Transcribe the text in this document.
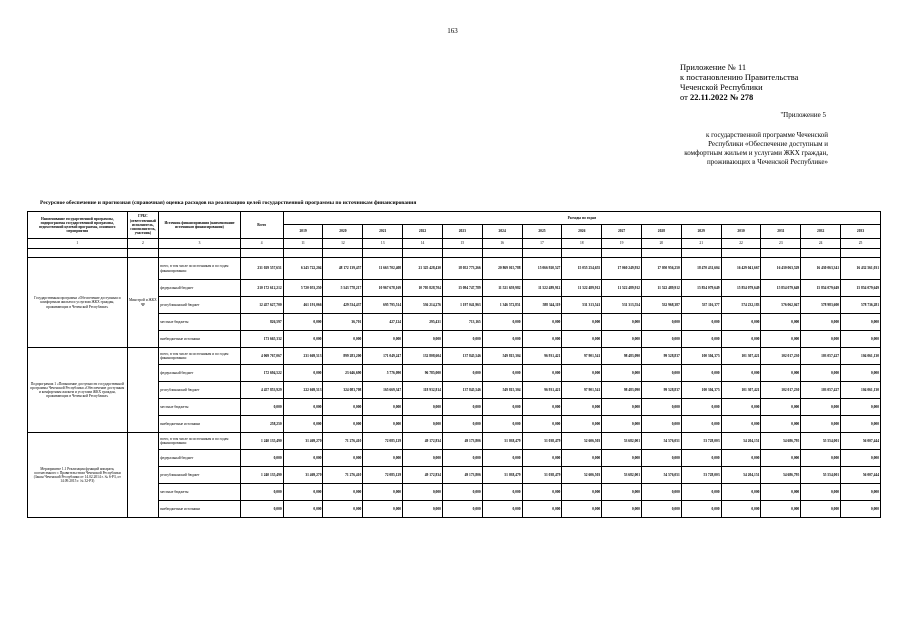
163
Приложение № 11
к постановлению Правительства
Чеченской Республики
от 22.11.2022 № 278
"Приложение 5
к государственной программе Чеченской Республики «Обеспечение доступным и комфортным жильем и услугами ЖКХ граждан, проживающих в Чеченской Республике»
Ресурсное обеспечение и прогнозная (справочная) оценка расходов на реализацию целей государственной программы по источникам финансирования
Наименование государственной программы, подпрограммы государственной программы, ведомственной целевой программы, основного мероприятия	ГРБС (ответственный исполнитель, соисполнитель, участник)	Источник финансирования (наименование источников финансирования)	Всего	Расходы по годам														
				2019	2020	2021	2022	2023	2024	2025	2026	2027	2028	2029	2030	2031	2032	2033
1	2	3	4	11	12	13	14	15	16	17	18	19	20	21	22	23	24	25

Государственная программа «Обеспечение доступным и комфортным жильем и услугами ЖКХ граждан, проживающих в Чеченской Республике»	Минстрой и ЖКХ ЧР	всего, в том числе по источникам и по годам финансирования:	231 029 557,651	6 245 722,204	48 172 139,457	11 663 702,408	21 325 428,430	18 052 773,266	20 869 015,788	15 066 920,527	15 055 254,655	17 060 249,932	17 050 956,250	18 470 431,604	16 429 041,667	16 430 063,529	16 430 063,341	16 432 561,031
		федеральный бюджет	210 172 612,212	5 720 053,250	5 543 778,217	10 967 678,169	10 705 828,704	15 094 747,789	11 521 659,982	11 522 489,912	11 522 489,912	11 522 489,912	11 522 489,912	15 854 079,649	15 854 079,649	15 854 079,649	15 854 079,649	15 854 079,649
		республиканский бюджет	12 457 627,700	461 191,066	429 534,437	695 795,514	536 214,276	1 197 041,963	1 346 572,851	588 344,119	531 313,541	531 313,554	532 968,387	537 116,377	574 232,183	576 062,047	578 983,600	578 736,281
		местные бюджеты	826,597	0,000	36,701	427,124	295,431	713,165	0,000	0,000	0,000	0,000	0,000	0,000	0,000	0,000	0,000	0,000
		внебюджетные источники	173 665,332	0,000	0,000	0,000	0,000	0,000	0,000	0,000	0,000	0,000	0,000	0,000	0,000	0,000	0,000	0,000
Подпрограмма 1 «Повышение доступности государственной программы Чеченской Республики «Обеспечение доступным и комфортным жильем и услугами ЖКХ граждан, проживающих в Чеченской Республике»		всего, в том числе по источникам и по годам финансирования:	4 069 767,067	231 669,513	899 283,200	171 049,247	132 808,604	137 845,546	549 815,304	96 931,421	97 901,541	98 483,090	99 528,837	100 304,375	101 307,421	102 017,230	103 057,427	104 061,130
		федеральный бюджет	172 694,522	0,000	23 646,690	5 776,090	96 785,000	0,000	0,000	0,000	0,000	0,000	0,000	0,000	0,000	0,000	0,000	0,000
		республиканский бюджет	4 457 853,929	222 669,513	324 083,708	165 669,347	118 932,814	137 845,546	549 815,304	96 931,421	97 901,541	98 483,090	99 528,837	100 304,375	101 307,421	102 017,230	103 057,427	104 061,130
		местные бюджеты	0,000	0,000	0,000	0,000	0,000	0,000	0,000	0,000	0,000	0,000	0,000	0,000	0,000	0,000	0,000	0,000
		внебюджетные источники	258,250	0,000	0,000	0,000	0,000	0,000	0,000	0,000	0,000	0,000	0,000	0,000	0,000	0,000	0,000	0,000
Мероприятие 1.1 Реализация функций аппарата, соотнесенного с Правительством Чеченской Республики (Закон Чеченской Республики от 14.02.2014 г. № 6-РЗ, от 14.09.2015 г. № 32-РЗ)		всего, в том числе по источникам и по годам финансирования:	1 240 135,490	31 469,270	71 276,410	72 085,129	49 172,834	49 173,806	51 038,479	51 038,479	52 606,503	53 682,001	54 576,051	53 728,003	54 204,151	54 686,795	55 554,001	56 007,444
		федеральный бюджет	0,000	0,000	0,000	0,000	0,000	0,000	0,000	0,000	0,000	0,000	0,000	0,000	0,000	0,000	0,000	0,000
		республиканский бюджет	1 240 135,490	31 469,270	71 276,410	72 085,129	49 172,834	49 173,806	51 038,479	51 038,479	52 606,503	53 682,001	54 576,051	53 728,003	54 204,151	54 686,795	55 554,001	56 007,444
		местные бюджеты	0,000	0,000	0,000	0,000	0,000	0,000	0,000	0,000	0,000	0,000	0,000	0,000	0,000	0,000	0,000	0,000
		внебюджетные источники	0,000	0,000	0,000	0,000	0,000	0,000	0,000	0,000	0,000	0,000	0,000	0,000	0,000	0,000	0,000	0,000
